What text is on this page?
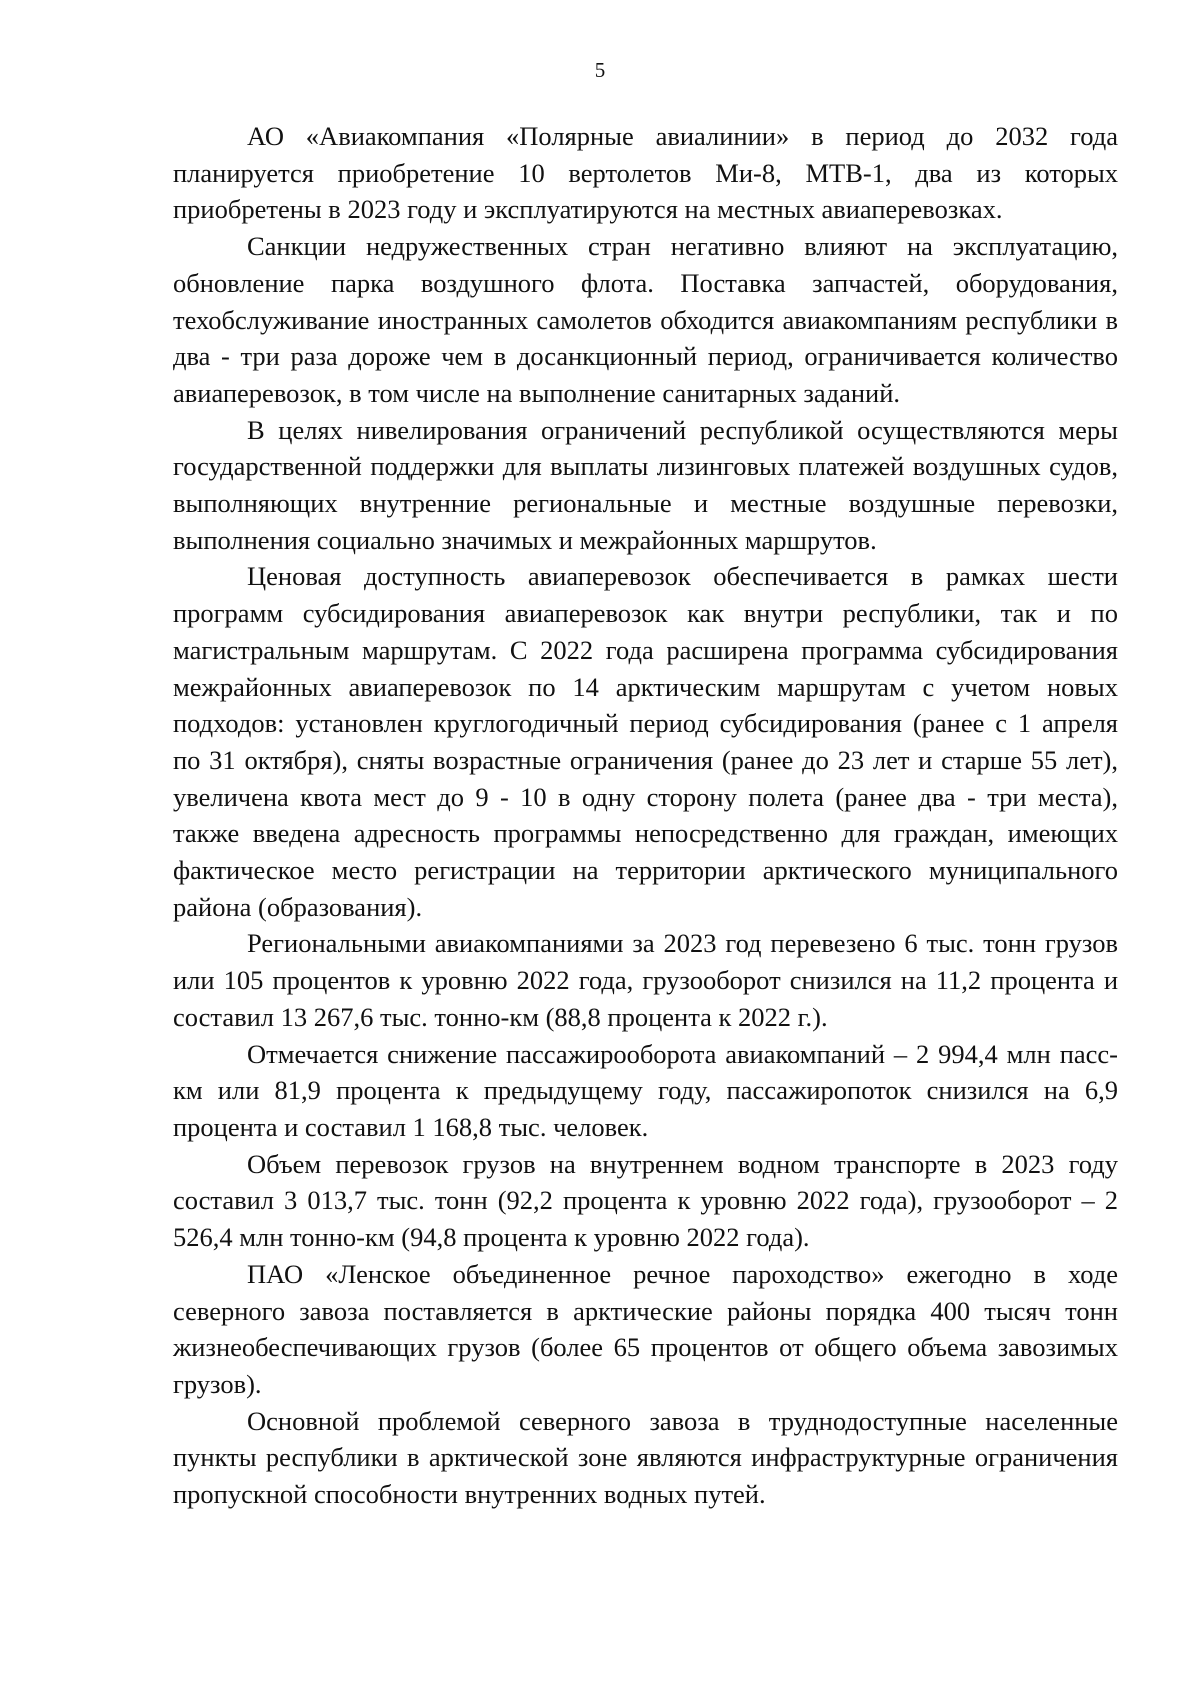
5

АО «Авиакомпания «Полярные авиалинии» в период до 2032 года планируется приобретение 10 вертолетов Ми-8, МТВ-1, два из которых приобретены в 2023 году и эксплуатируются на местных авиаперевозках.

Санкции недружественных стран негативно влияют на эксплуатацию, обновление парка воздушного флота. Поставка запчастей, оборудования, техобслуживание иностранных самолетов обходится авиакомпаниям республики в два - три раза дороже чем в досанкционный период, ограничивается количество авиаперевозок, в том числе на выполнение санитарных заданий.

В целях нивелирования ограничений республикой осуществляются меры государственной поддержки для выплаты лизинговых платежей воздушных судов, выполняющих внутренние региональные и местные воздушные перевозки, выполнения социально значимых и межрайонных маршрутов.

Ценовая доступность авиаперевозок обеспечивается в рамках шести программ субсидирования авиаперевозок как внутри республики, так и по магистральным маршрутам. С 2022 года расширена программа субсидирования межрайонных авиаперевозок по 14 арктическим маршрутам с учетом новых подходов: установлен круглогодичный период субсидирования (ранее с 1 апреля по 31 октября), сняты возрастные ограничения (ранее до 23 лет и старше 55 лет), увеличена квота мест до 9 - 10 в одну сторону полета (ранее два - три места), также введена адресность программы непосредственно для граждан, имеющих фактическое место регистрации на территории арктического муниципального района (образования).

Региональными авиакомпаниями за 2023 год перевезено 6 тыс. тонн грузов или 105 процентов к уровню 2022 года, грузооборот снизился на 11,2 процента и составил 13 267,6 тыс. тонно-км (88,8 процента к 2022 г.).

Отмечается снижение пассажирооборота авиакомпаний – 2 994,4 млн пасс-км или 81,9 процента к предыдущему году, пассажиропоток снизился на 6,9 процента и составил 1 168,8 тыс. человек.

Объем перевозок грузов на внутреннем водном транспорте в 2023 году составил 3 013,7 тыс. тонн (92,2 процента к уровню 2022 года), грузооборот – 2 526,4 млн тонно-км (94,8 процента к уровню 2022 года).

ПАО «Ленское объединенное речное пароходство» ежегодно в ходе северного завоза поставляется в арктические районы порядка 400 тысяч тонн жизнеобеспечивающих грузов (более 65 процентов от общего объема завозимых грузов).

Основной проблемой северного завоза в труднодоступные населенные пункты республики в арктической зоне являются инфраструктурные ограничения пропускной способности внутренних водных путей.
